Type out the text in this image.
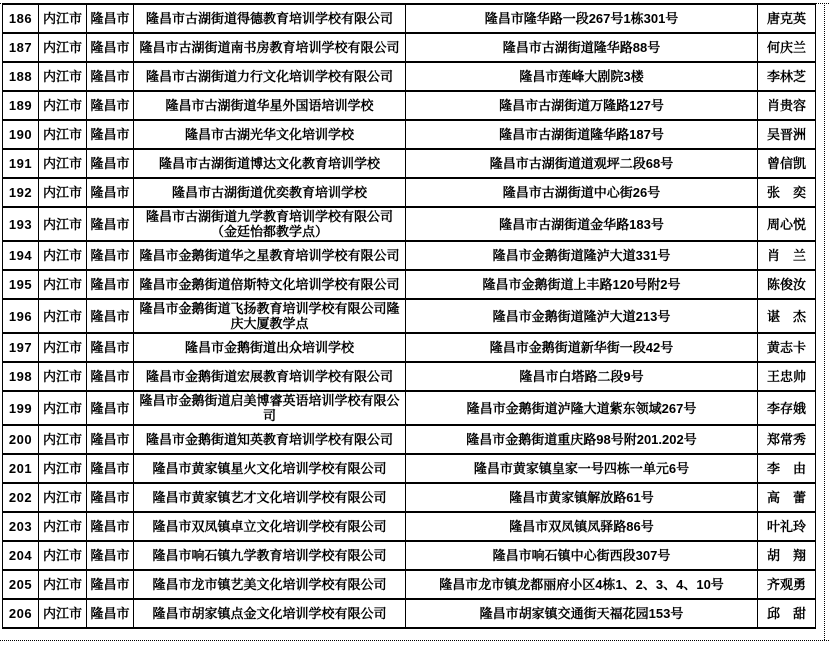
186	内江市	隆昌市	隆昌市古湖街道得德教育培训学校有限公司	隆昌市隆华路一段267号1栋301号	唐克英
187	内江市	隆昌市	隆昌市古湖街道南书房教育培训学校有限公司	隆昌市古湖街道隆华路88号	何庆兰
188	内江市	隆昌市	隆昌市古湖街道力行文化培训学校有限公司	隆昌市莲峰大剧院3楼	李林芝
189	内江市	隆昌市	隆昌市古湖街道华星外国语培训学校	隆昌市古湖街道万隆路127号	肖贵容
190	内江市	隆昌市	隆昌市古湖光华文化培训学校	隆昌市古湖街道隆华路187号	吴晋洲
191	内江市	隆昌市	隆昌市古湖街道博达文化教育培训学校	隆昌市古湖街道道观坪二段68号	曾信凯
192	内江市	隆昌市	隆昌市古湖街道优奕教育培训学校	隆昌市古湖街道中心街26号	张　奕
193	内江市	隆昌市	隆昌市古湖街道九学教育培训学校有限公司（金廷怡都教学点）	隆昌市古湖街道金华路183号	周心悦
194	内江市	隆昌市	隆昌市金鹅街道华之星教育培训学校有限公司	隆昌市金鹅街道隆泸大道331号	肖　兰
195	内江市	隆昌市	隆昌市金鹅街道倍斯特文化培训学校有限公司	隆昌市金鹅街道上丰路120号附2号	陈俊汝
196	内江市	隆昌市	隆昌市金鹅街道飞扬教育培训学校有限公司隆庆大厦教学点	隆昌市金鹅街道隆泸大道213号	谌　杰
197	内江市	隆昌市	隆昌市金鹅街道出众培训学校	隆昌市金鹅街道新华街一段42号	黄志卡
198	内江市	隆昌市	隆昌市金鹅街道宏展教育培训学校有限公司	隆昌市白塔路二段9号	王忠帅
199	内江市	隆昌市	隆昌市金鹅街道启美博睿英语培训学校有限公司	隆昌市金鹅街道泸隆大道紫东领域267号	李存娥
200	内江市	隆昌市	隆昌市金鹅街道知英教育培训学校有限公司	隆昌市金鹅街道重庆路98号附201.202号	郑常秀
201	内江市	隆昌市	隆昌市黄家镇星火文化培训学校有限公司	隆昌市黄家镇皇家一号四栋一单元6号	李　由
202	内江市	隆昌市	隆昌市黄家镇艺才文化培训学校有限公司	隆昌市黄家镇解放路61号	高　蕾
203	内江市	隆昌市	隆昌市双凤镇卓立文化培训学校有限公司	隆昌市双凤镇凤驿路86号	叶礼玲
204	内江市	隆昌市	隆昌市响石镇九学教育培训学校有限公司	隆昌市响石镇中心街西段307号	胡　翔
205	内江市	隆昌市	隆昌市龙市镇艺美文化培训学校有限公司	隆昌市龙市镇龙都丽府小区4栋1、2、3、4、10号	齐观勇
206	内江市	隆昌市	隆昌市胡家镇点金文化培训学校有限公司	隆昌市胡家镇交通街天福花园153号	邱　甜
